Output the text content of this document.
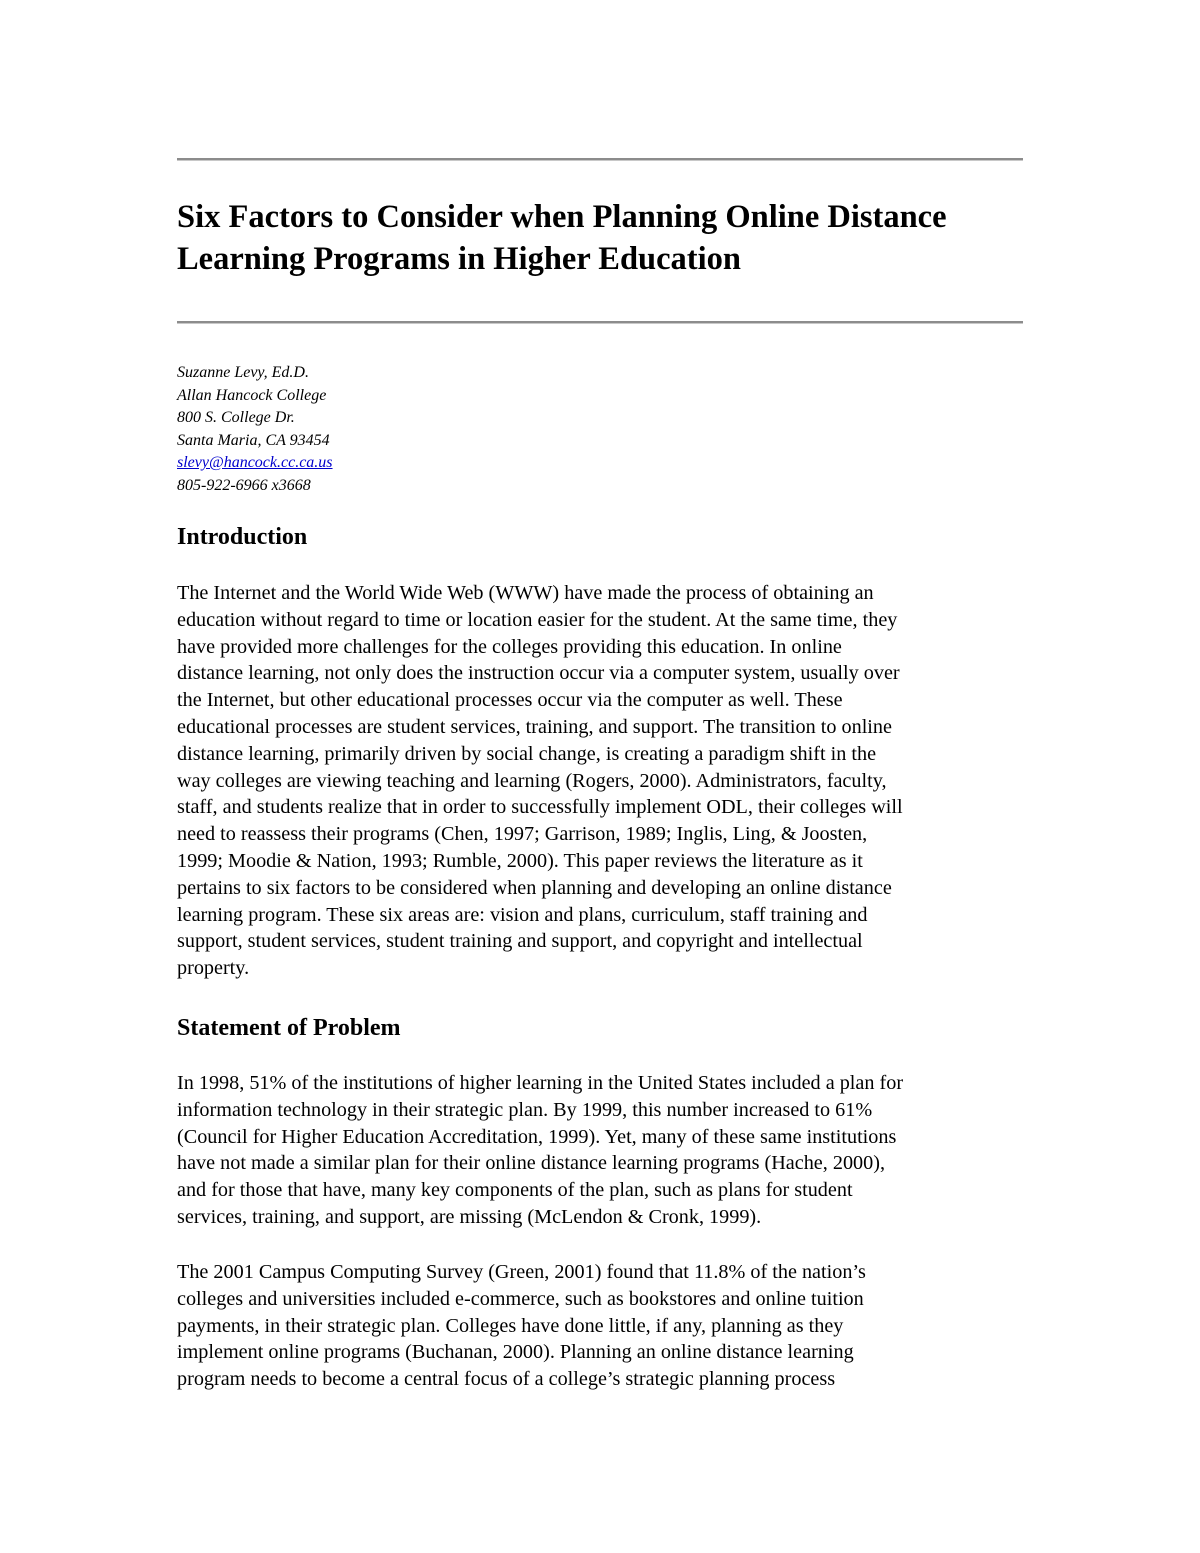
Six Factors to Consider when Planning Online Distance
Learning Programs in Higher Education
Suzanne Levy, Ed.D.
Allan Hancock College
800 S. College Dr.
Santa Maria, CA 93454
slevy@hancock.cc.ca.us
805-922-6966 x3668
Introduction
The Internet and the World Wide Web (WWW) have made the process of obtaining an
education without regard to time or location easier for the student. At the same time, they
have provided more challenges for the colleges providing this education. In online
distance learning, not only does the instruction occur via a computer system, usually over
the Internet, but other educational processes occur via the computer as well. These
educational processes are student services, training, and support. The transition to online
distance learning, primarily driven by social change, is creating a paradigm shift in the
way colleges are viewing teaching and learning (Rogers, 2000). Administrators, faculty,
staff, and students realize that in order to successfully implement ODL, their colleges will
need to reassess their programs (Chen, 1997; Garrison, 1989; Inglis, Ling, & Joosten,
1999; Moodie & Nation, 1993; Rumble, 2000). This paper reviews the literature as it
pertains to six factors to be considered when planning and developing an online distance
learning program. These six areas are: vision and plans, curriculum, staff training and
support, student services, student training and support, and copyright and intellectual
property.
Statement of Problem
In 1998, 51% of the institutions of higher learning in the United States included a plan for
information technology in their strategic plan. By 1999, this number increased to 61%
(Council for Higher Education Accreditation, 1999). Yet, many of these same institutions
have not made a similar plan for their online distance learning programs (Hache, 2000),
and for those that have, many key components of the plan, such as plans for student
services, training, and support, are missing (McLendon & Cronk, 1999).
The 2001 Campus Computing Survey (Green, 2001) found that 11.8% of the nation’s
colleges and universities included e-commerce, such as bookstores and online tuition
payments, in their strategic plan. Colleges have done little, if any, planning as they
implement online programs (Buchanan, 2000). Planning an online distance learning
program needs to become a central focus of a college’s strategic planning process
